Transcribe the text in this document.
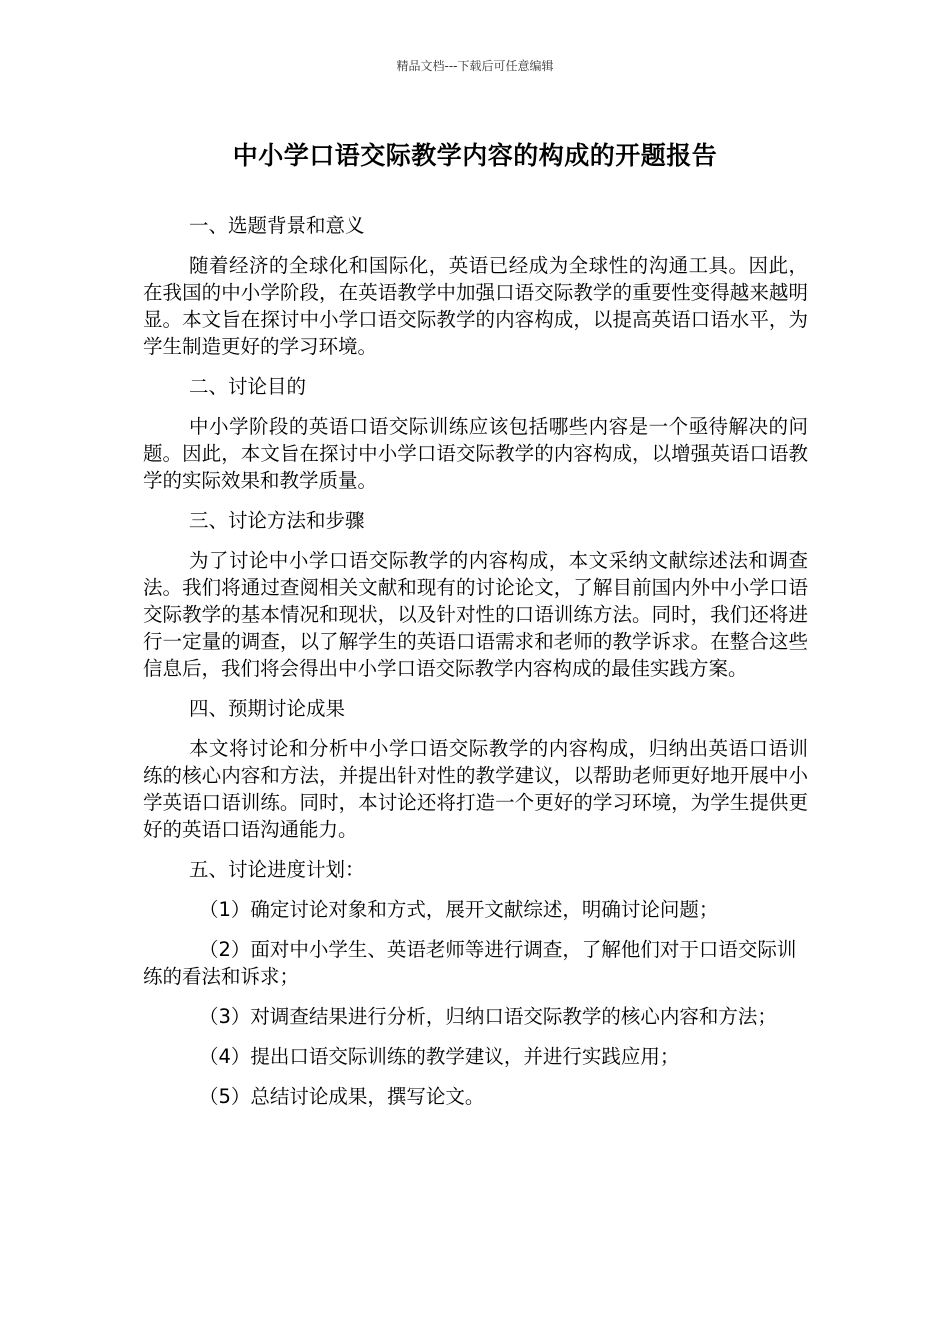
精品文档---下载后可任意编辑
中小学口语交际教学内容的构成的开题报告
一、选题背景和意义
随着经济的全球化和国际化，英语已经成为全球性的沟通工具。因此，在我国的中小学阶段，在英语教学中加强口语交际教学的重要性变得越来越明显。本文旨在探讨中小学口语交际教学的内容构成，以提高英语口语水平，为学生制造更好的学习环境。
二、讨论目的
中小学阶段的英语口语交际训练应该包括哪些内容是一个亟待解决的问题。因此，本文旨在探讨中小学口语交际教学的内容构成，以增强英语口语教学的实际效果和教学质量。
三、讨论方法和步骤
为了讨论中小学口语交际教学的内容构成，本文采纳文献综述法和调查法。我们将通过查阅相关文献和现有的讨论论文，了解目前国内外中小学口语交际教学的基本情况和现状，以及针对性的口语训练方法。同时，我们还将进行一定量的调查，以了解学生的英语口语需求和老师的教学诉求。在整合这些信息后，我们将会得出中小学口语交际教学内容构成的最佳实践方案。
四、预期讨论成果
本文将讨论和分析中小学口语交际教学的内容构成，归纳出英语口语训练的核心内容和方法，并提出针对性的教学建议，以帮助老师更好地开展中小学英语口语训练。同时，本讨论还将打造一个更好的学习环境，为学生提供更好的英语口语沟通能力。
五、讨论进度计划：
（1）确定讨论对象和方式，展开文献综述，明确讨论问题；
（2）面对中小学生、英语老师等进行调查，了解他们对于口语交际训练的看法和诉求；
（3）对调查结果进行分析，归纳口语交际教学的核心内容和方法；
（4）提出口语交际训练的教学建议，并进行实践应用；
（5）总结讨论成果，撰写论文。
